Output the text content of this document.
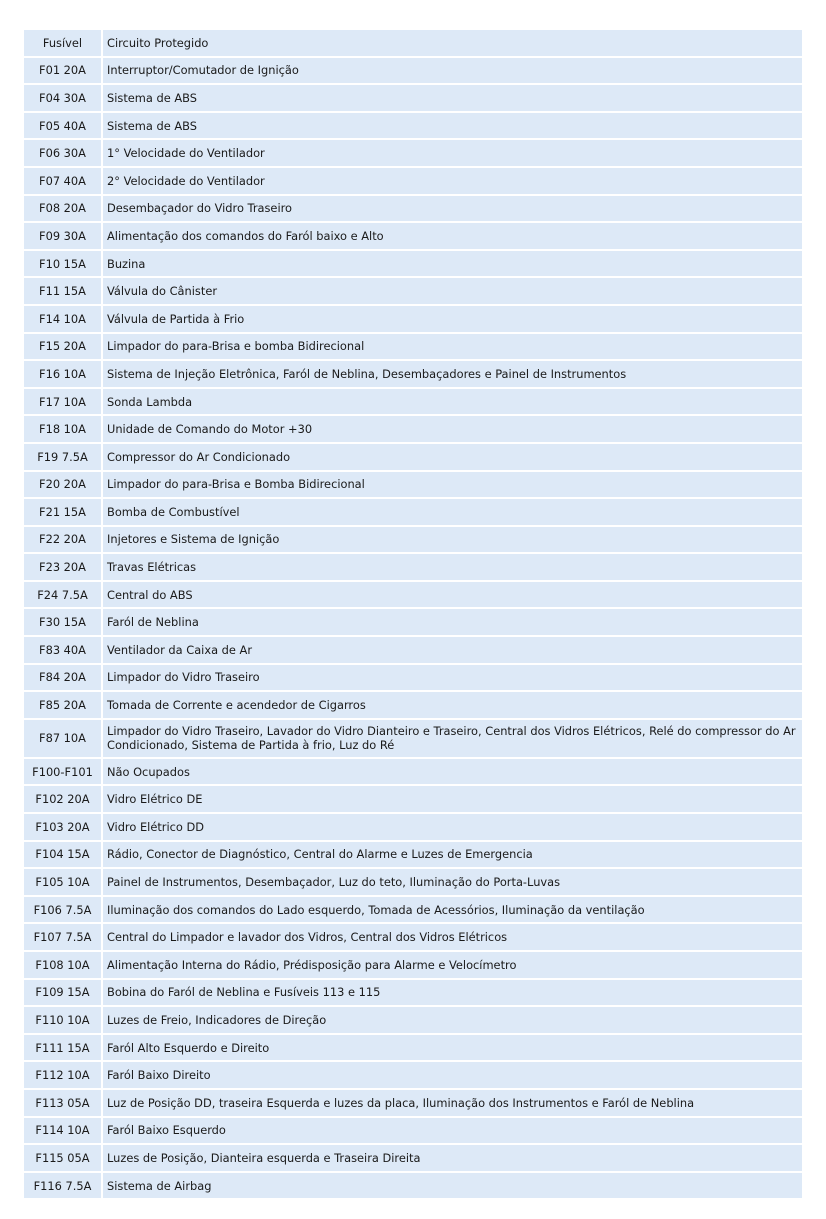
Fusível	Circuito Protegido
F01 20A	Interruptor/Comutador de Ignição
F04 30A	Sistema de ABS
F05 40A	Sistema de ABS
F06 30A	1° Velocidade do Ventilador
F07 40A	2° Velocidade do Ventilador
F08 20A	Desembaçador do Vidro Traseiro
F09 30A	Alimentação dos comandos do Faról baixo e Alto
F10 15A	Buzina
F11 15A	Válvula do Cânister
F14 10A	Válvula de Partida à Frio
F15 20A	Limpador do para-Brisa e bomba Bidirecional
F16 10A	Sistema de Injeção Eletrônica, Faról de Neblina, Desembaçadores e Painel de Instrumentos
F17 10A	Sonda Lambda
F18 10A	Unidade de Comando do Motor +30
F19 7.5A	Compressor do Ar Condicionado
F20 20A	Limpador do para-Brisa e Bomba Bidirecional
F21 15A	Bomba de Combustível
F22 20A	Injetores e Sistema de Ignição
F23 20A	Travas Elétricas
F24 7.5A	Central do ABS
F30 15A	Faról de Neblina
F83 40A	Ventilador da Caixa de Ar
F84 20A	Limpador do Vidro Traseiro
F85 20A	Tomada de Corrente e acendedor de Cigarros
F87 10A	Limpador do Vidro Traseiro, Lavador do Vidro Dianteiro e Traseiro, Central dos Vidros Elétricos, Relé do compressor do Ar Condicionado, Sistema de Partida à frio, Luz do Ré
F100-F101	Não Ocupados
F102 20A	Vidro Elétrico DE
F103 20A	Vidro Elétrico DD
F104 15A	Rádio, Conector de Diagnóstico, Central do Alarme e Luzes de Emergencia
F105 10A	Painel de Instrumentos, Desembaçador, Luz do teto, Iluminação do Porta-Luvas
F106 7.5A	Iluminação dos comandos do Lado esquerdo, Tomada de Acessórios, Iluminação da ventilação
F107 7.5A	Central do Limpador e lavador dos Vidros, Central dos Vidros Elétricos
F108 10A	Alimentação Interna do Rádio, Prédisposição para Alarme e Velocímetro
F109 15A	Bobina do Faról de Neblina e Fusíveis 113 e 115
F110 10A	Luzes de Freio, Indicadores de Direção
F111 15A	Faról Alto Esquerdo e Direito
F112 10A	Faról Baixo Direito
F113 05A	Luz de Posição DD, traseira Esquerda e luzes da placa, Iluminação dos Instrumentos e Faról de Neblina
F114 10A	Faról Baixo Esquerdo
F115 05A	Luzes de Posição, Dianteira esquerda e Traseira Direita
F116 7.5A	Sistema de Airbag
